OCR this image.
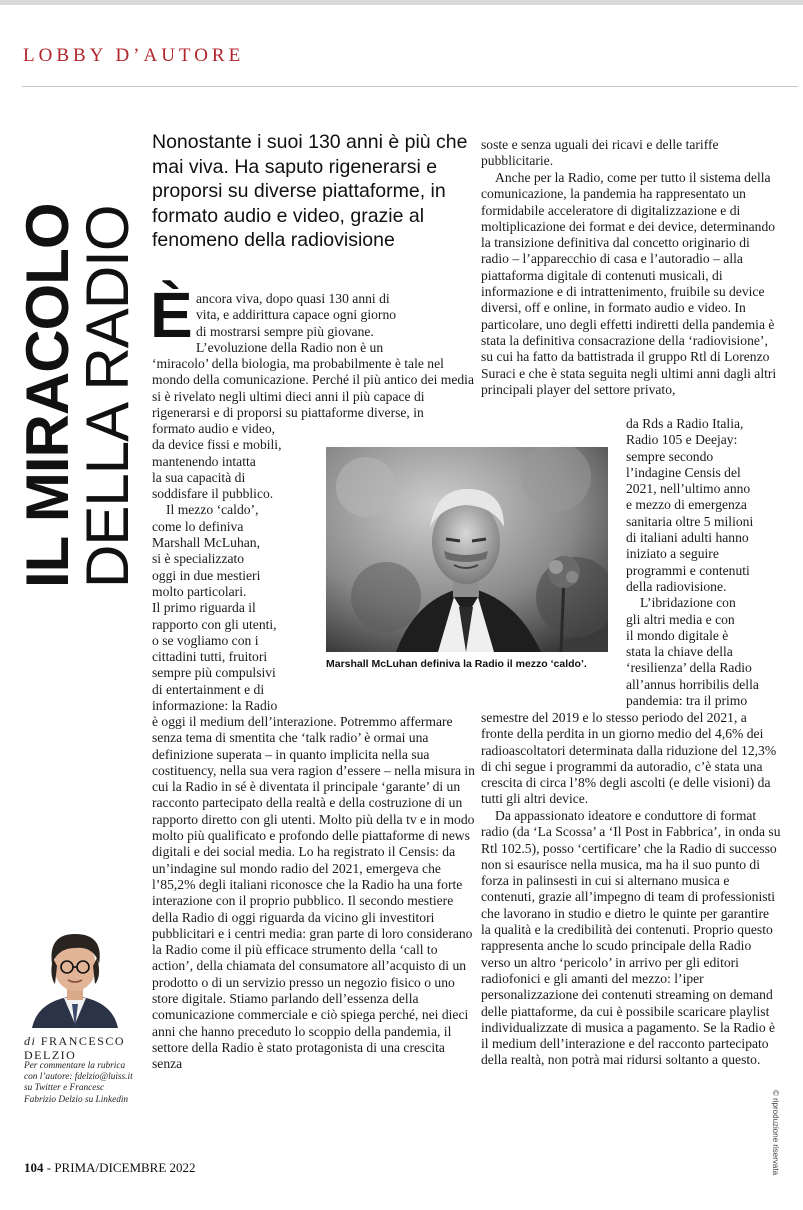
LOBBY D’AUTORE
IL MIRACOLO
DELLA RADIO
Nonostante i suoi 130 anni è più che mai viva. Ha saputo rigenerarsi e proporsi su diverse piattaforme, in formato audio e video, grazie al fenomeno della radiovisione
È ancora viva, dopo quasi 130 anni di
vita, e addirittura capace ogni giorno
di mostrarsi sempre più giovane.
L’evoluzione della Radio non è un

‘miracolo’ della biologia, ma probabilmente è tale nel mondo della comunicazione. Perché il più antico dei media si è rivelato negli ultimi dieci anni il più capace di rigenerarsi e di proporsi su piattaforme diverse, in

formato audio e video,
da device fissi e mobili,
mantenendo intatta
la sua capacità di
soddisfare il pubblico.
Il mezzo ‘caldo’,
come lo definiva
Marshall McLuhan,
si è specializzato
oggi in due mestieri
molto particolari.
Il primo riguarda il
rapporto con gli utenti,
o se vogliamo con i
cittadini tutti, fruitori
sempre più compulsivi
di entertainment e di
informazione: la Radio

è oggi il medium dell’interazione. Potremmo affermare senza tema di smentita che ‘talk radio’ è ormai una definizione superata – in quanto implicita nella sua costituency, nella sua vera ragion d’essere – nella misura in cui la Radio in sé è diventata il principale ‘garante’ di un racconto partecipato della realtà e della costruzione di un rapporto diretto con gli utenti. Molto più della tv e in modo molto più qualificato e profondo delle piattaforme di news digitali e dei social media. Lo ha registrato il Censis: da un’indagine sul mondo radio del 2021, emergeva che l’85,2% degli italiani riconosce che la Radio ha una forte interazione con il proprio pubblico. Il secondo mestiere della Radio di oggi riguarda da vicino gli investitori pubblicitari e i centri media: gran parte di loro considerano la Radio come il più efficace strumento della ‘call to action’, della chiamata del consumatore all’acquisto di un prodotto o di un servizio presso un negozio fisico o uno store digitale. Stiamo parlando dell’essenza della comunicazione commerciale e ciò spiega perché, nei dieci anni che hanno preceduto lo scoppio della pandemia, il settore della Radio è stato protagonista di una crescita senza

Marshall McLuhan definiva la Radio il mezzo ‘caldo’.

soste e senza uguali dei ricavi e delle tariffe pubblicitarie.

Anche per la Radio, come per tutto il sistema della comunicazione, la pandemia ha rappresentato un formidabile acceleratore di digitalizzazione e di moltiplicazione dei format e dei device, determinando la transizione definitiva dal concetto originario di radio – l’apparecchio di casa e l’autoradio – alla piattaforma digitale di contenuti musicali, di informazione e di intrattenimento, fruibile su device diversi, off e online, in formato audio e video. In particolare, uno degli effetti indiretti della pandemia è stata la definitiva consacrazione della ‘radiovisione’, su cui ha fatto da battistrada il gruppo Rtl di Lorenzo Suraci e che è stata seguita negli ultimi anni dagli altri principali player del settore privato,

da Rds a Radio Italia,
Radio 105 e Deejay:
sempre secondo
l’indagine Censis del
2021, nell’ultimo anno
e mezzo di emergenza
sanitaria oltre 5 milioni
di italiani adulti hanno
iniziato a seguire
programmi e contenuti
della radiovisione.
L’ibridazione con
gli altri media e con
il mondo digitale è
stata la chiave della
‘resilienza’ della Radio
all’annus horribilis della
pandemia: tra il primo

semestre del 2019 e lo stesso periodo del 2021, a fronte della perdita in un giorno medio del 4,6% dei radioascoltatori determinata dalla riduzione del 12,3% di chi segue i programmi da autoradio, c’è stata una crescita di circa l’8% degli ascolti (e delle visioni) da tutti gli altri device.

Da appassionato ideatore e conduttore di format radio (da ‘La Scossa’ a ‘Il Post in Fabbrica’, in onda su Rtl 102.5), posso ‘certificare’ che la Radio di successo non si esaurisce nella musica, ma ha il suo punto di forza in palinsesti in cui si alternano musica e contenuti, grazie all’impegno di team di professionisti che lavorano in studio e dietro le quinte per garantire la qualità e la credibilità dei contenuti. Proprio questo rappresenta anche lo scudo principale della Radio verso un altro ‘pericolo’ in arrivo per gli editori radiofonici e gli amanti del mezzo: l’iper personalizzazione dei contenuti streaming on demand delle piattaforme, da cui è possibile scaricare playlist individualizzate di musica a pagamento. Se la Radio è il medium dell’interazione e del racconto partecipato della realtà, non potrà mai ridursi soltanto a questo.

di FRANCESCO DELZIO
Per commentare la rubrica con l’autore: fdelzio@luiss.it su Twitter e Francesc Fabrizio Delzio su Linkedin	© riproduzione riservata
104 - PRIMA/DICEMBRE 2022
